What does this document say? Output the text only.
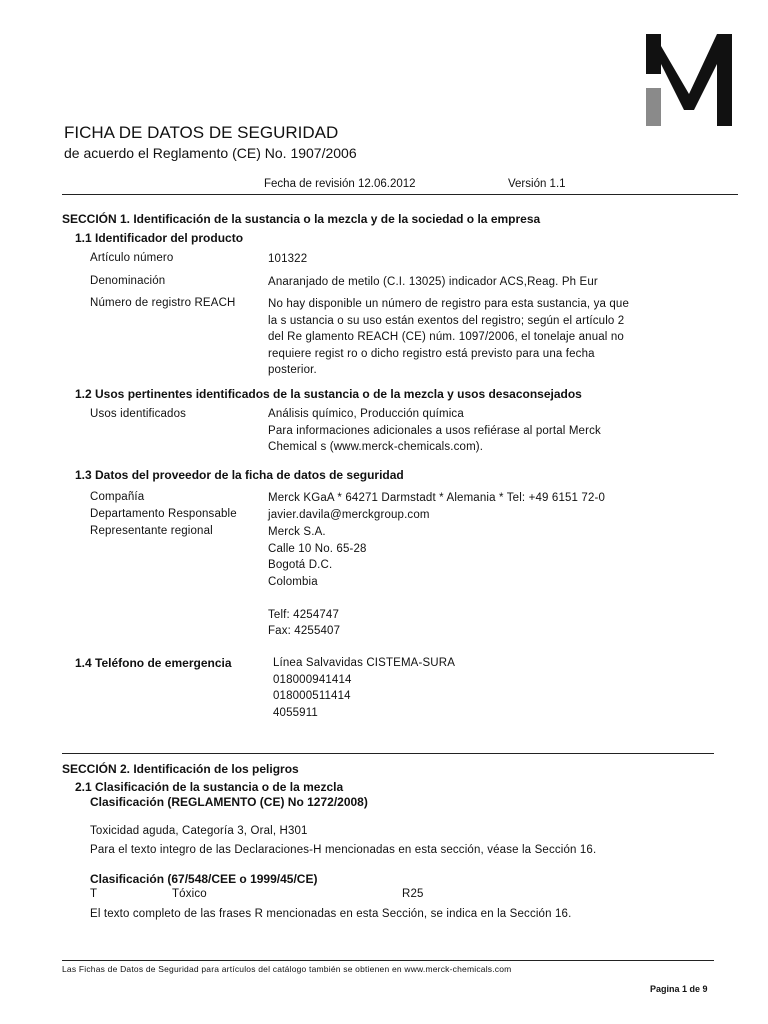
FICHA DE DATOS DE SEGURIDAD
de acuerdo el Reglamento (CE) No. 1907/2006
Fecha de revisión 12.06.2012	Versión 1.1
SECCIÓN 1. Identificación de la sustancia o la mezcla y de la sociedad o la empresa
1.1 Identificador del producto
Artículo número	101322
Denominación	Anaranjado de metilo (C.I. 13025) indicador ACS,Reag. Ph Eur
Número de registro REACH	No hay disponible un número de registro para esta sustancia, ya que
la s ustancia o su uso están exentos del registro; según el artículo 2
del Re glamento REACH (CE) núm. 1097/2006, el tonelaje anual no
requiere regist ro o dicho registro está previsto para una fecha
posterior.
1.2 Usos pertinentes identificados de la sustancia o de la mezcla y usos desaconsejados
Usos identificados	Análisis químico, Producción química
Para informaciones adicionales a usos refiérase al portal Merck
Chemical s (www.merck-chemicals.com).
1.3 Datos del proveedor de la ficha de datos de seguridad
Compañía	Merck KGaA * 64271 Darmstadt * Alemania * Tel: +49 6151 72-0
Departamento Responsable	javier.davila@merckgroup.com
Representante regional	Merck S.A.
Calle 10 No. 65-28
Bogotá D.C.
Colombia
Telf: 4254747
Fax: 4255407
1.4 Teléfono de emergencia	Línea Salvavidas CISTEMA-SURA
018000941414
018000511414
4055911
SECCIÓN 2. Identificación de los peligros
2.1 Clasificación de la sustancia o de la mezcla
Clasificación (REGLAMENTO (CE) No 1272/2008)
Toxicidad aguda, Categoría 3, Oral, H301
Para el texto integro de las Declaraciones-H mencionadas en esta sección, véase la Sección 16.
Clasificación (67/548/CEE o 1999/45/CE)
T	Tóxico	R25
El texto completo de las frases R mencionadas en esta Sección, se indica en la Sección 16.
Las Fichas de Datos de Seguridad para artículos del catálogo también se obtienen en www.merck-chemicals.com
Pagina 1 de 9
